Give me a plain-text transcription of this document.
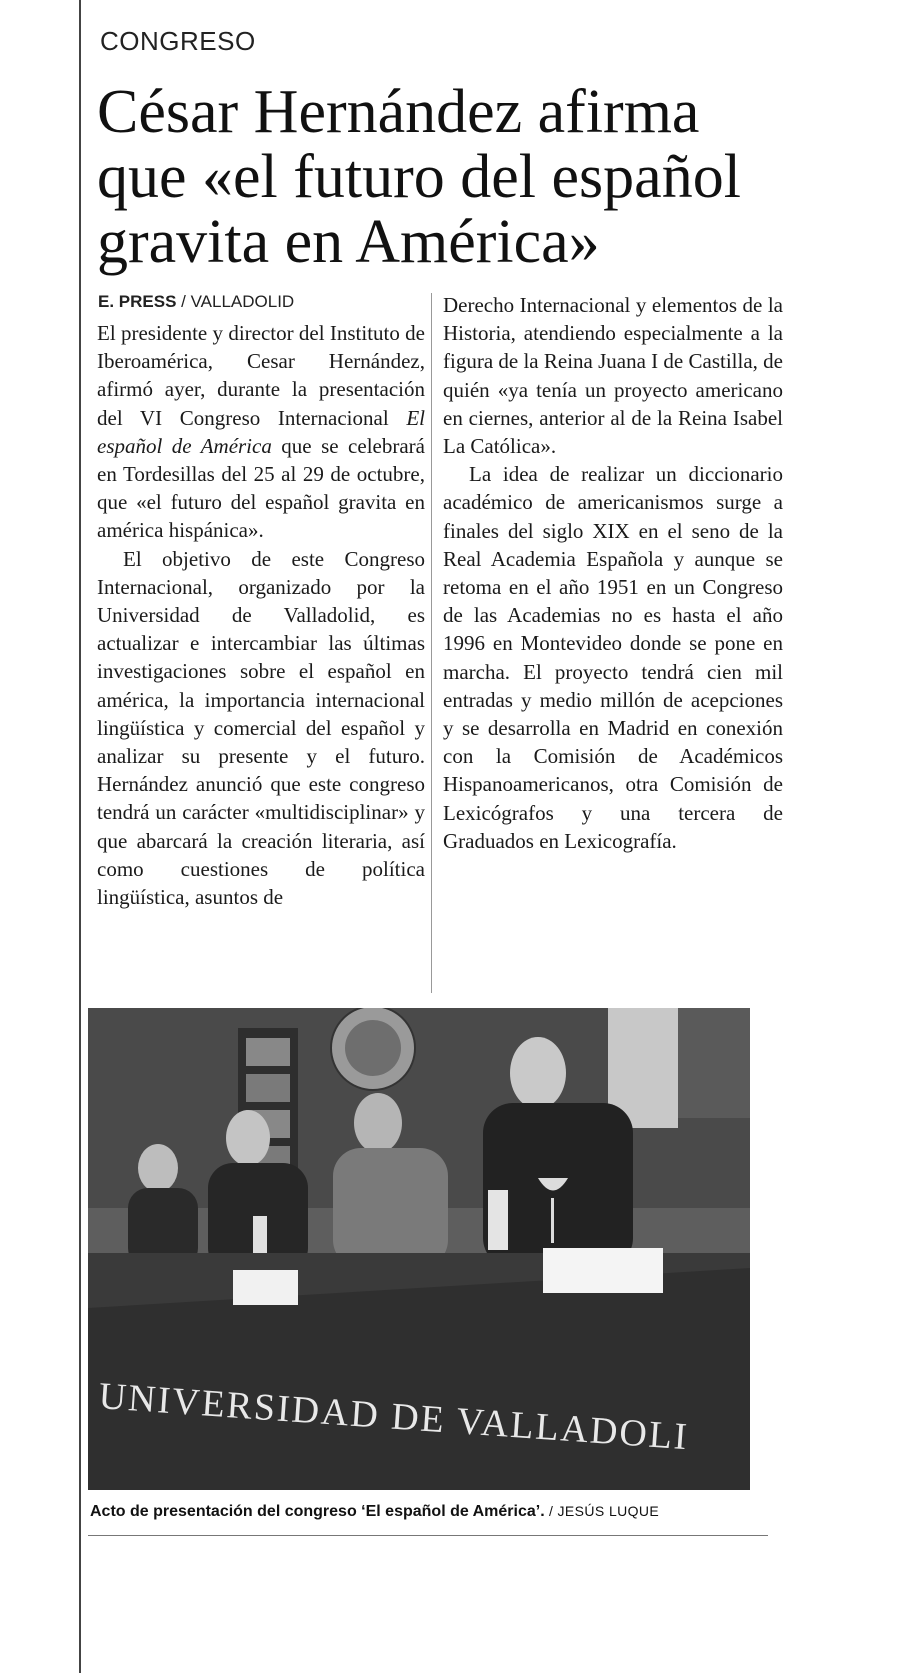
CONGRESO
César Hernández afirma que «el futuro del español gravita en América»
E. PRESS / VALLADOLID

El presidente y director del Instituto de Iberoamérica, Cesar Hernández, afirmó ayer, durante la presentación del VI Congreso Internacional El español de América que se celebrará en Tordesillas del 25 al 29 de octubre, que «el futuro del español gravita en américa hispánica».

El objetivo de este Congreso Internacional, organizado por la Universidad de Valladolid, es actualizar e intercambiar las últimas investigaciones sobre el español en américa, la importancia internacional lingüística y comercial del español y analizar su presente y el futuro. Hernández anunció que este congreso tendrá un carácter «multidisciplinar» y que abarcará la creación literaria, así como cuestiones de política lingüística, asuntos de

Derecho Internacional y elementos de la Historia, atendiendo especialmente a la figura de la Reina Juana I de Castilla, de quién «ya tenía un proyecto americano en ciernes, anterior al de la Reina Isabel La Católica».

La idea de realizar un diccionario académico de americanismos surge a finales del siglo XIX en el seno de la Real Academia Española y aunque se retoma en el año 1951 en un Congreso de las Academias no es hasta el año 1996 en Montevideo donde se pone en marcha. El proyecto tendrá cien mil entradas y medio millón de acepciones y se desarrolla en Madrid en conexión con la Comisión de Académicos Hispanoamericanos, otra Comisión de Lexicógrafos y una tercera de Graduados en Lexicografía.

UNIVERSIDAD DE VALLADOLI
Acto de presentación del congreso ‘El español de América’. / JESÚS LUQUE
